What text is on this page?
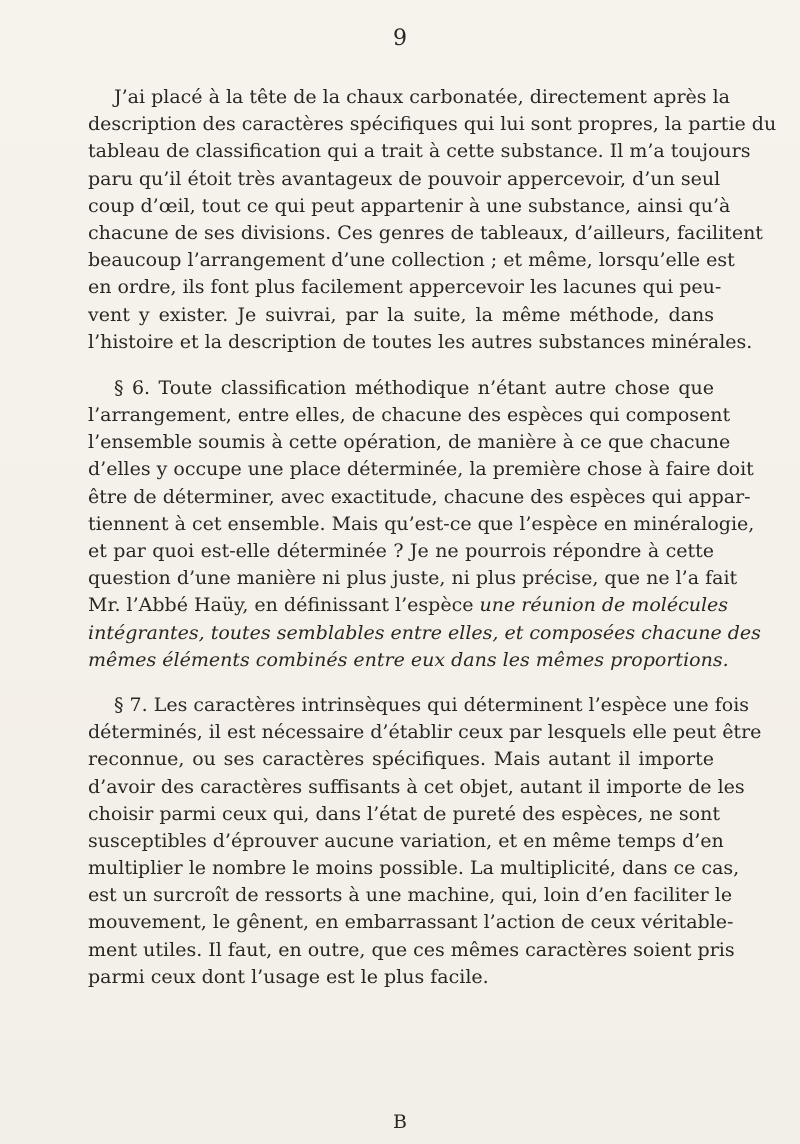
9
J’ai placé à la tête de la chaux carbonatée, directement après la
description des caractères spécifiques qui lui sont propres, la partie du
tableau de classification qui a trait à cette substance. Il m’a toujours
paru qu’il étoit très avantageux de pouvoir appercevoir, d’un seul
coup d’œil, tout ce qui peut appartenir à une substance, ainsi qu’à
chacune de ses divisions. Ces genres de tableaux, d’ailleurs, facilitent
beaucoup l’arrangement d’une collection ; et même, lorsqu’elle est
en ordre, ils font plus facilement appercevoir les lacunes qui peu-
vent y exister. Je suivrai, par la suite, la même méthode, dans
l’histoire et la description de toutes les autres substances minérales.
§ 6. Toute classification méthodique n’étant autre chose que
l’arrangement, entre elles, de chacune des espèces qui composent
l’ensemble soumis à cette opération, de manière à ce que chacune
d’elles y occupe une place déterminée, la première chose à faire doit
être de déterminer, avec exactitude, chacune des espèces qui appar-
tiennent à cet ensemble. Mais qu’est-ce que l’espèce en minéralogie,
et par quoi est-elle déterminée ? Je ne pourrois répondre à cette
question d’une manière ni plus juste, ni plus précise, que ne l’a fait
Mr. l’Abbé Haüy, en définissant l’espèce une réunion de molécules
intégrantes, toutes semblables entre elles, et composées chacune des
mêmes éléments combinés entre eux dans les mêmes proportions.
§ 7. Les caractères intrinsèques qui déterminent l’espèce une fois
déterminés, il est nécessaire d’établir ceux par lesquels elle peut être
reconnue, ou ses caractères spécifiques. Mais autant il importe
d’avoir des caractères suffisants à cet objet, autant il importe de les
choisir parmi ceux qui, dans l’état de pureté des espèces, ne sont
susceptibles d’éprouver aucune variation, et en même temps d’en
multiplier le nombre le moins possible. La multiplicité, dans ce cas,
est un surcroît de ressorts à une machine, qui, loin d’en faciliter le
mouvement, le gênent, en embarrassant l’action de ceux véritable-
ment utiles. Il faut, en outre, que ces mêmes caractères soient pris
parmi ceux dont l’usage est le plus facile.
B
